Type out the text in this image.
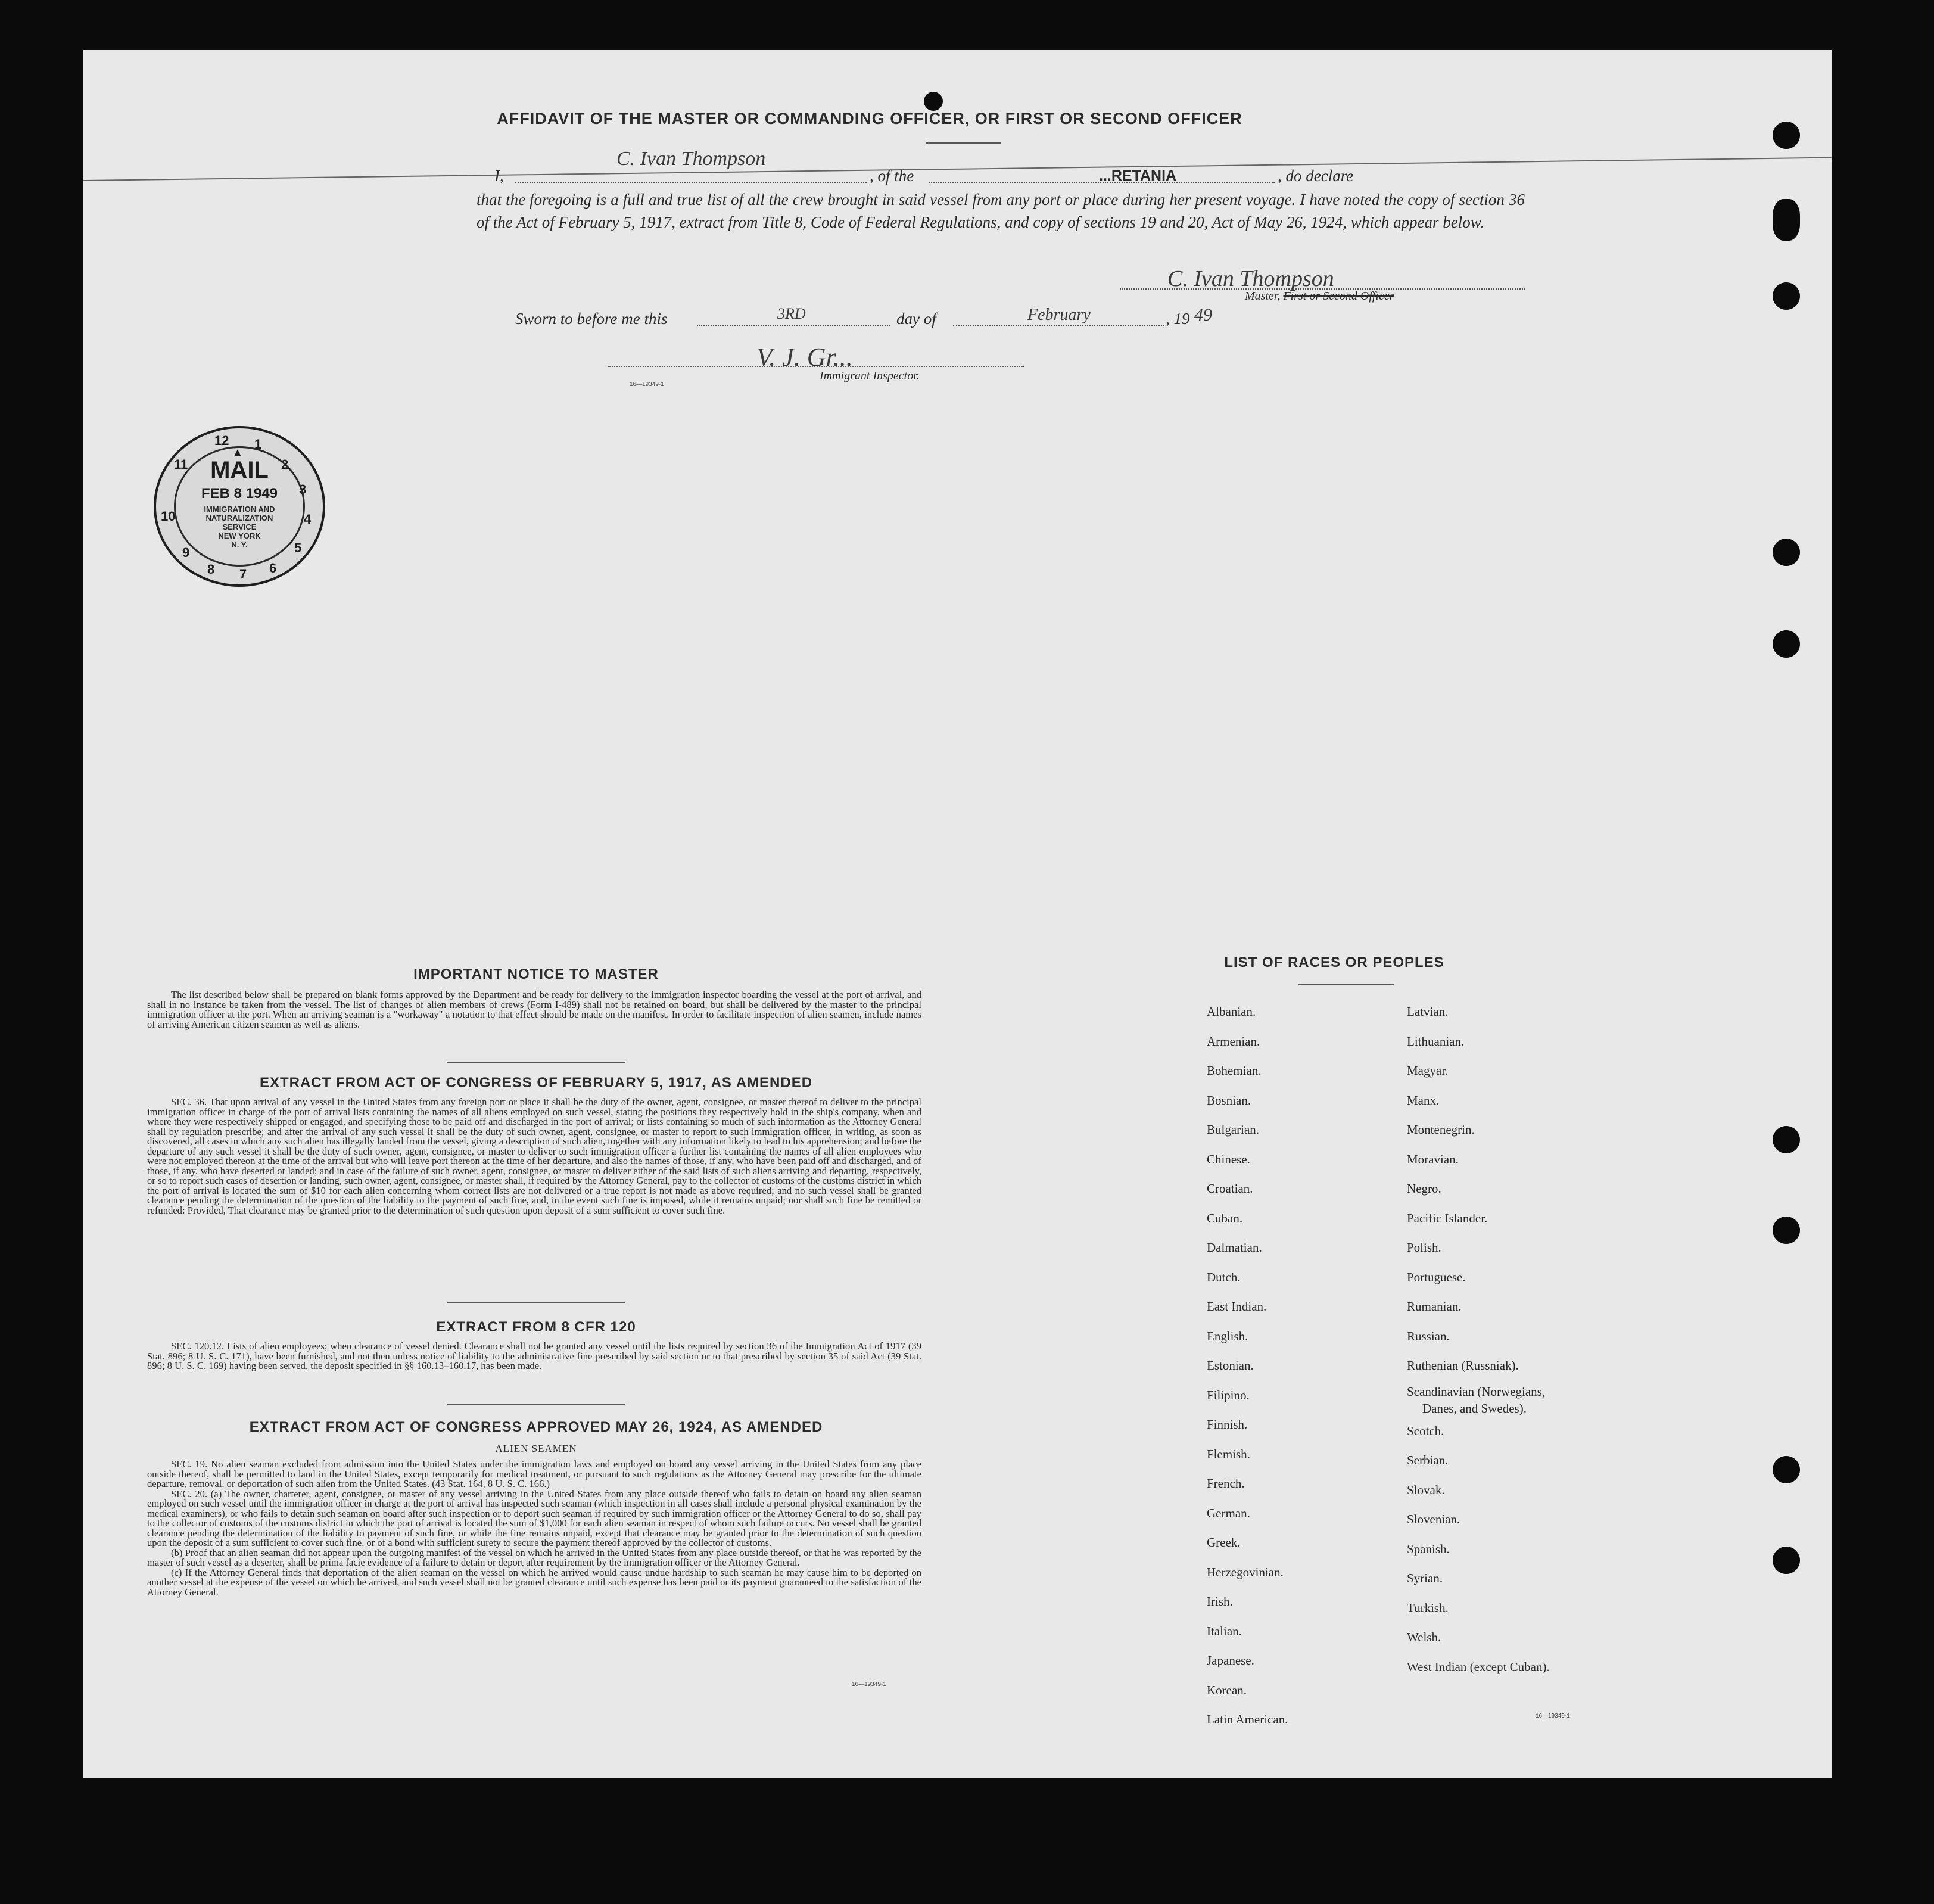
AFFIDAVIT OF THE MASTER OR COMMANDING OFFICER, OR FIRST OR SECOND OFFICER
I,
C. Ivan Thompson
, of the	...RETANIA	, do declare
that the foregoing is a full and true list of all the crew brought in said vessel from any port or place during her present voyage. I have noted the copy of section 36 of the Act of February 5, 1917, extract from Title 8, Code of Federal Regulations, and copy of sections 19 and 20, Act of May 26, 1924, which appear below.
C. Ivan Thompson
Master, First or Second Officer
Sworn to before me this	3RD	day of	February	, 19 49
V. J. Gr...
Immigrant Inspector.
16—19349-1
12 1
2
3
4
5
6
7
8
9
10
11
▲
MAIL
FEB 8 1949
IMMIGRATION AND
NATURALIZATION
SERVICE
NEW YORK
N. Y.
IMPORTANT NOTICE TO MASTER
The list described below shall be prepared on blank forms approved by the Department and be ready for delivery to the immigration inspector boarding the vessel at the port of arrival, and shall in no instance be taken from the vessel. The list of changes of alien members of crews (Form I-489) shall not be retained on board, but shall be delivered by the master to the principal immigration officer at the port. When an arriving seaman is a "workaway" a notation to that effect should be made on the manifest. In order to facilitate inspection of alien seamen, include names of arriving American citizen seamen as well as aliens.
EXTRACT FROM ACT OF CONGRESS OF FEBRUARY 5, 1917, AS AMENDED
SEC. 36. That upon arrival of any vessel in the United States from any foreign port or place it shall be the duty of the owner, agent, consignee, or master thereof to deliver to the principal immigration officer in charge of the port of arrival lists containing the names of all aliens employed on such vessel, stating the positions they respectively hold in the ship's company, when and where they were respectively shipped or engaged, and specifying those to be paid off and discharged in the port of arrival; or lists containing so much of such information as the Attorney General shall by regulation prescribe; and after the arrival of any such vessel it shall be the duty of such owner, agent, consignee, or master to report to such immigration officer, in writing, as soon as discovered, all cases in which any such alien has illegally landed from the vessel, giving a description of such alien, together with any information likely to lead to his apprehension; and before the departure of any such vessel it shall be the duty of such owner, agent, consignee, or master to deliver to such immigration officer a further list containing the names of all alien employees who were not employed thereon at the time of the arrival but who will leave port thereon at the time of her departure, and also the names of those, if any, who have been paid off and discharged, and of those, if any, who have deserted or landed; and in case of the failure of such owner, agent, consignee, or master to deliver either of the said lists of such aliens arriving and departing, respectively, or so to report such cases of desertion or landing, such owner, agent, consignee, or master shall, if required by the Attorney General, pay to the collector of customs of the customs district in which the port of arrival is located the sum of $10 for each alien concerning whom correct lists are not delivered or a true report is not made as above required; and no such vessel shall be granted clearance pending the determination of the question of the liability to the payment of such fine, and, in the event such fine is imposed, while it remains unpaid; nor shall such fine be remitted or refunded: Provided, That clearance may be granted prior to the determination of such question upon deposit of a sum sufficient to cover such fine.
EXTRACT FROM 8 CFR 120
SEC. 120.12. Lists of alien employees; when clearance of vessel denied. Clearance shall not be granted any vessel until the lists required by section 36 of the Immigration Act of 1917 (39 Stat. 896; 8 U. S. C. 171), have been furnished, and not then unless notice of liability to the administrative fine prescribed by said section or to that prescribed by section 35 of said Act (39 Stat. 896; 8 U. S. C. 169) having been served, the deposit specified in §§ 160.13–160.17, has been made.
EXTRACT FROM ACT OF CONGRESS APPROVED MAY 26, 1924, AS AMENDED
ALIEN SEAMEN
SEC. 19. No alien seaman excluded from admission into the United States under the immigration laws and employed on board any vessel arriving in the United States from any place outside thereof, shall be permitted to land in the United States, except temporarily for medical treatment, or pursuant to such regulations as the Attorney General may prescribe for the ultimate departure, removal, or deportation of such alien from the United States. (43 Stat. 164, 8 U. S. C. 166.)
SEC. 20. (a) The owner, charterer, agent, consignee, or master of any vessel arriving in the United States from any place outside thereof who fails to detain on board any alien seaman employed on such vessel until the immigration officer in charge at the port of arrival has inspected such seaman (which inspection in all cases shall include a personal physical examination by the medical examiners), or who fails to detain such seaman on board after such inspection or to deport such seaman if required by such immigration officer or the Attorney General to do so, shall pay to the collector of customs of the customs district in which the port of arrival is located the sum of $1,000 for each alien seaman in respect of whom such failure occurs. No vessel shall be granted clearance pending the determination of the liability to payment of such fine, or while the fine remains unpaid, except that clearance may be granted prior to the determination of such question upon the deposit of a sum sufficient to cover such fine, or of a bond with sufficient surety to secure the payment thereof approved by the collector of customs.
(b) Proof that an alien seaman did not appear upon the outgoing manifest of the vessel on which he arrived in the United States from any place outside thereof, or that he was reported by the master of such vessel as a deserter, shall be prima facie evidence of a failure to detain or deport after requirement by the immigration officer or the Attorney General.
(c) If the Attorney General finds that deportation of the alien seaman on the vessel on which he arrived would cause undue hardship to such seaman he may cause him to be deported on another vessel at the expense of the vessel on which he arrived, and such vessel shall not be granted clearance until such expense has been paid or its payment guaranteed to the satisfaction of the Attorney General.
16—19349-1
LIST OF RACES OR PEOPLES
Albanian.
Armenian.
Bohemian.
Bosnian.
Bulgarian.
Chinese.
Croatian.
Cuban.
Dalmatian.
Dutch.
East Indian.
English.
Estonian.
Filipino.
Finnish.
Flemish.
French.
German.
Greek.
Herzegovinian.
Irish.
Italian.
Japanese.
Korean.
Latin American.
Latvian.
Lithuanian.
Magyar.
Manx.
Montenegrin.
Moravian.
Negro.
Pacific Islander.
Polish.
Portuguese.
Rumanian.
Russian.
Ruthenian (Russniak).
Scandinavian (Norwegians,
Danes, and Swedes).
Scotch.
Serbian.
Slovak.
Slovenian.
Spanish.
Syrian.
Turkish.
Welsh.
West Indian (except Cuban).
16—19349-1
